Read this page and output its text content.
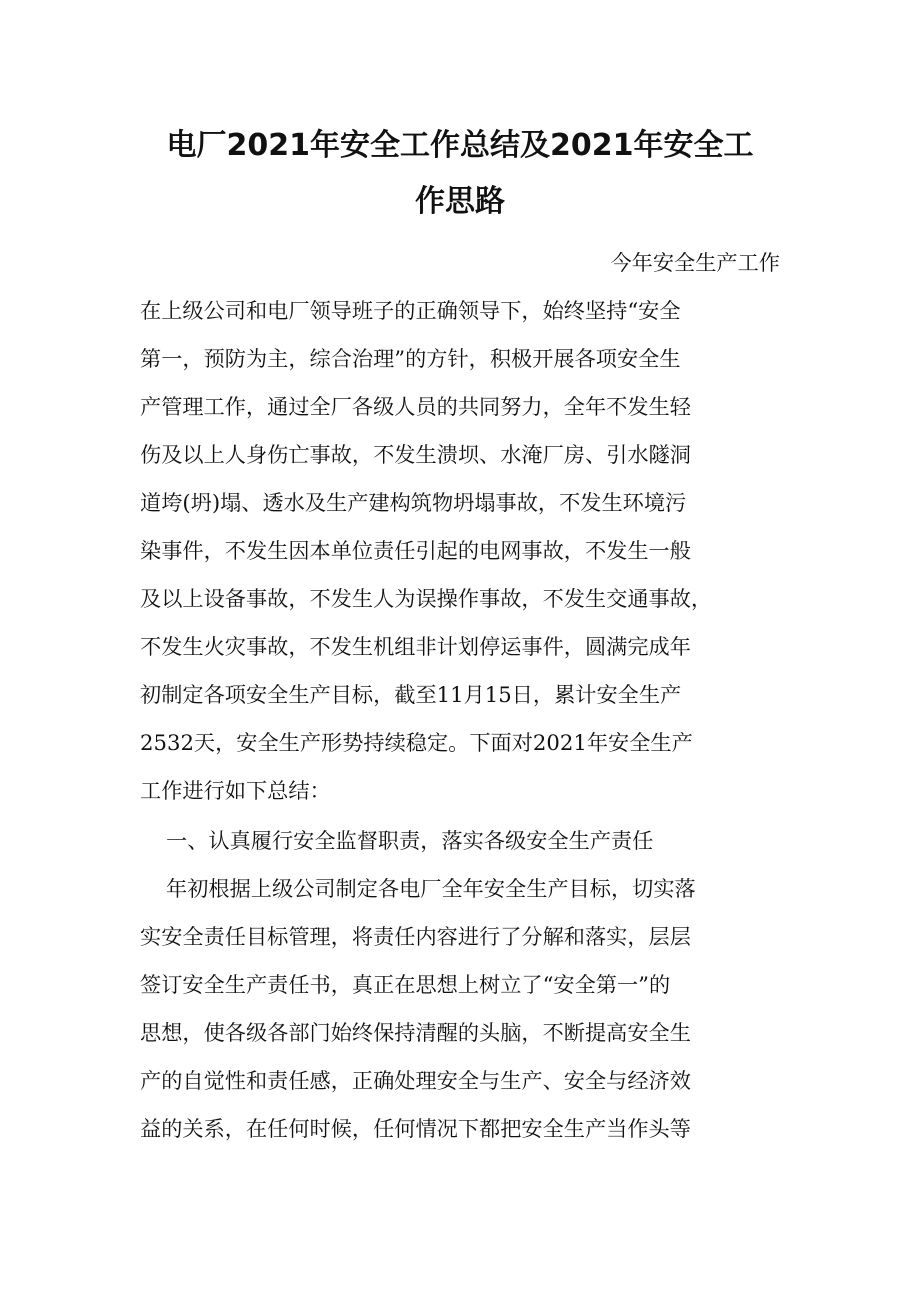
电厂2021年安全工作总结及2021年安全工
作思路
今年安全生产工作
在上级公司和电厂领导班子的正确领导下，始终坚持“安全
第一，预防为主，综合治理”的方针，积极开展各项安全生
产管理工作，通过全厂各级人员的共同努力，全年不发生轻
伤及以上人身伤亡事故，不发生溃坝、水淹厂房、引水隧洞
道垮(坍)塌、透水及生产建构筑物坍塌事故，不发生环境污
染事件，不发生因本单位责任引起的电网事故，不发生一般
及以上设备事故，不发生人为误操作事故，不发生交通事故，
不发生火灾事故，不发生机组非计划停运事件，圆满完成年
初制定各项安全生产目标，截至11月15日，累计安全生产
2532天，安全生产形势持续稳定。下面对2021年安全生产
工作进行如下总结：
一、认真履行安全监督职责，落实各级安全生产责任
年初根据上级公司制定各电厂全年安全生产目标，切实落
实安全责任目标管理，将责任内容进行了分解和落实，层层
签订安全生产责任书，真正在思想上树立了“安全第一”的
思想，使各级各部门始终保持清醒的头脑，不断提高安全生
产的自觉性和责任感，正确处理安全与生产、安全与经济效
益的关系，在任何时候，任何情况下都把安全生产当作头等
